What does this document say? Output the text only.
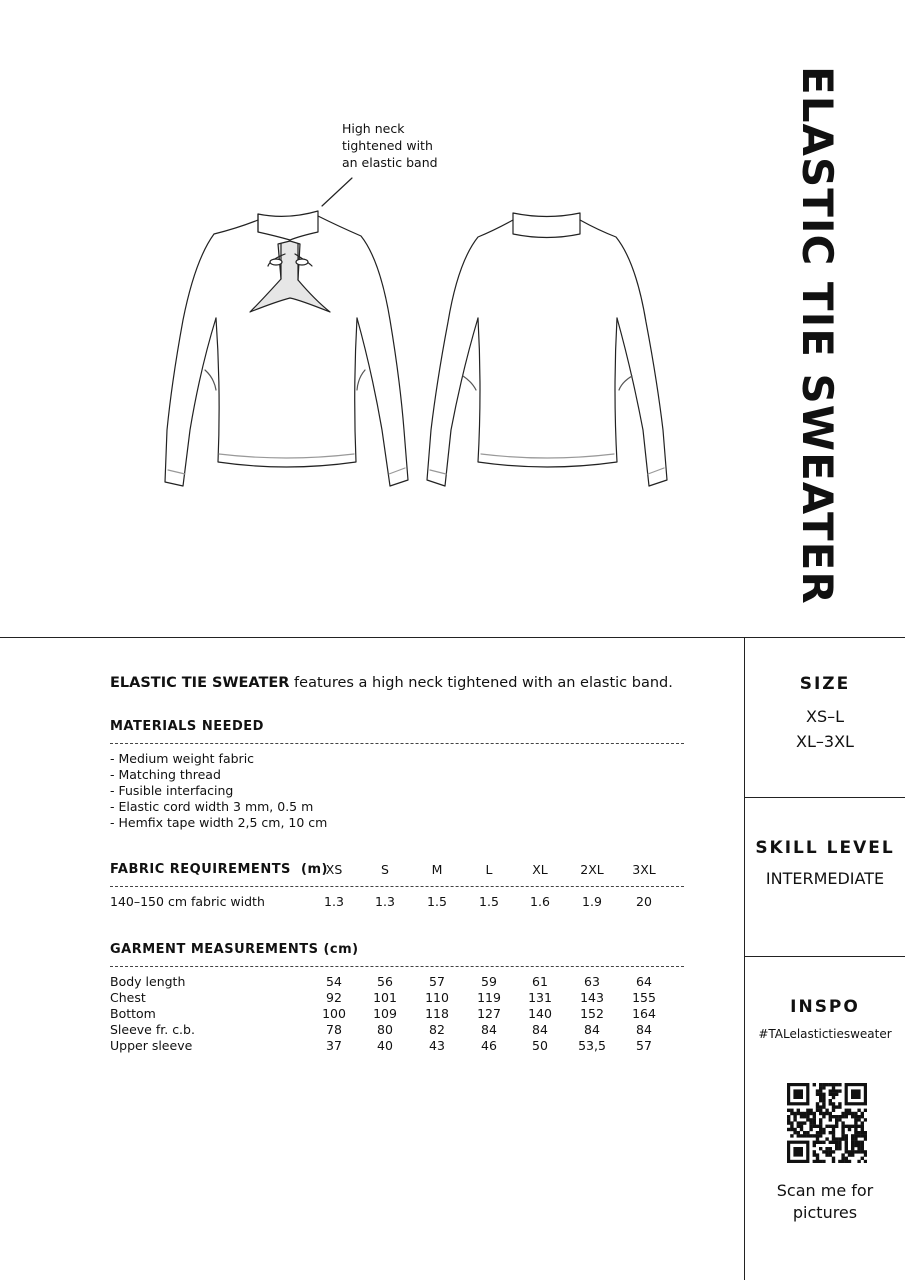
ELASTIC TIE SWEATER
High neck
tightened with
an elastic band
ELASTIC TIE SWEATER features a high neck tightened with an elastic band.
MATERIALS NEEDED
- Medium weight fabric
- Matching thread
- Fusible interfacing
- Elastic cord width 3 mm, 0.5 m
- Hemfix tape width 2,5 cm, 10 cm
FABRIC REQUIREMENTS (m)
XS	S	M	L	XL	2XL	3XL
140–150 cm fabric width	1.3	1.3	1.5	1.5	1.6	1.9	20
GARMENT MEASUREMENTS (cm)
Body length	54	56	57	59	61	63	64
Chest	92	101	110	119	131	143	155
Bottom	100	109	118	127	140	152	164
Sleeve fr. c.b.	78	80	82	84	84	84	84
Upper sleeve	37	40	43	46	50	53,5	57
SIZE
XS–L
XL–3XL
SKILL LEVEL
INTERMEDIATE
INSPO
#TALelastictiesweater
Scan me for
pictures
